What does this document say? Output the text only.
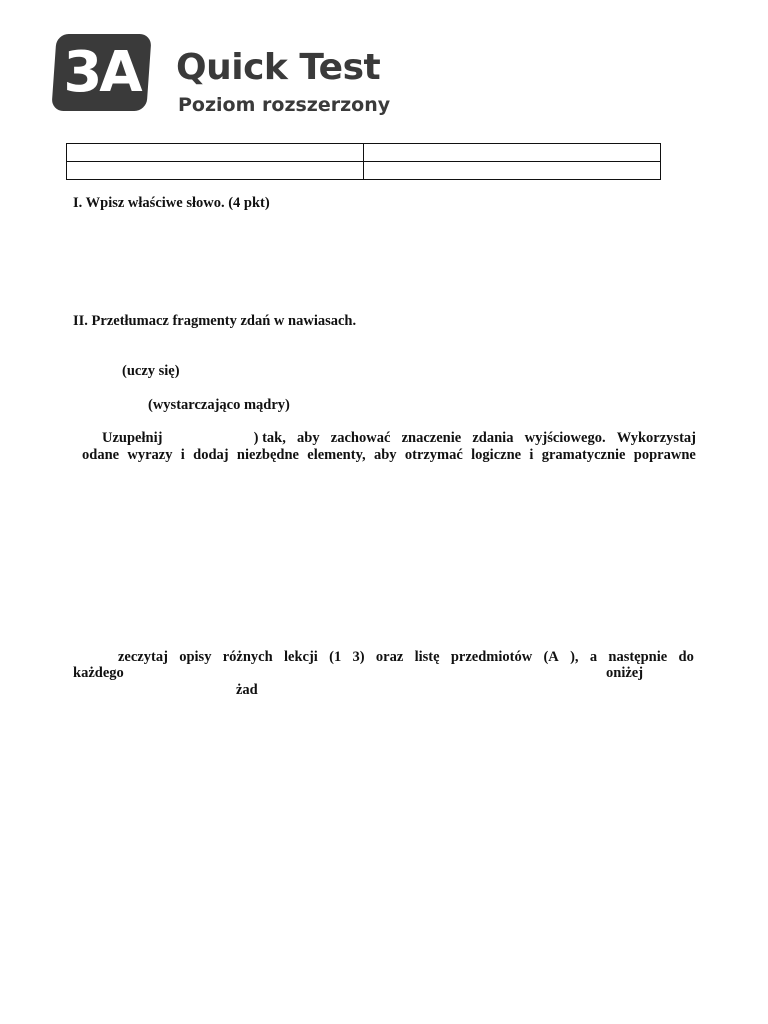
3A Quick Test
Poziom rozszerzony

I. Wpisz właściwe słowo. (4 pkt)

II. Przetłumacz fragmenty zdań w nawiasach.

(uczy się)

(wystarczająco mądry)

Uzupełnij	) tak, aby zachować znaczenie zdania wyjściowego. Wykorzystaj
odane wyrazy i dodaj niezbędne elementy, aby otrzymać logiczne i gramatycznie poprawne
zeczytaj opisy różnych lekcji (1 3) oraz listę przedmiotów (A ), a następnie do

każdego	oniżej

żad
